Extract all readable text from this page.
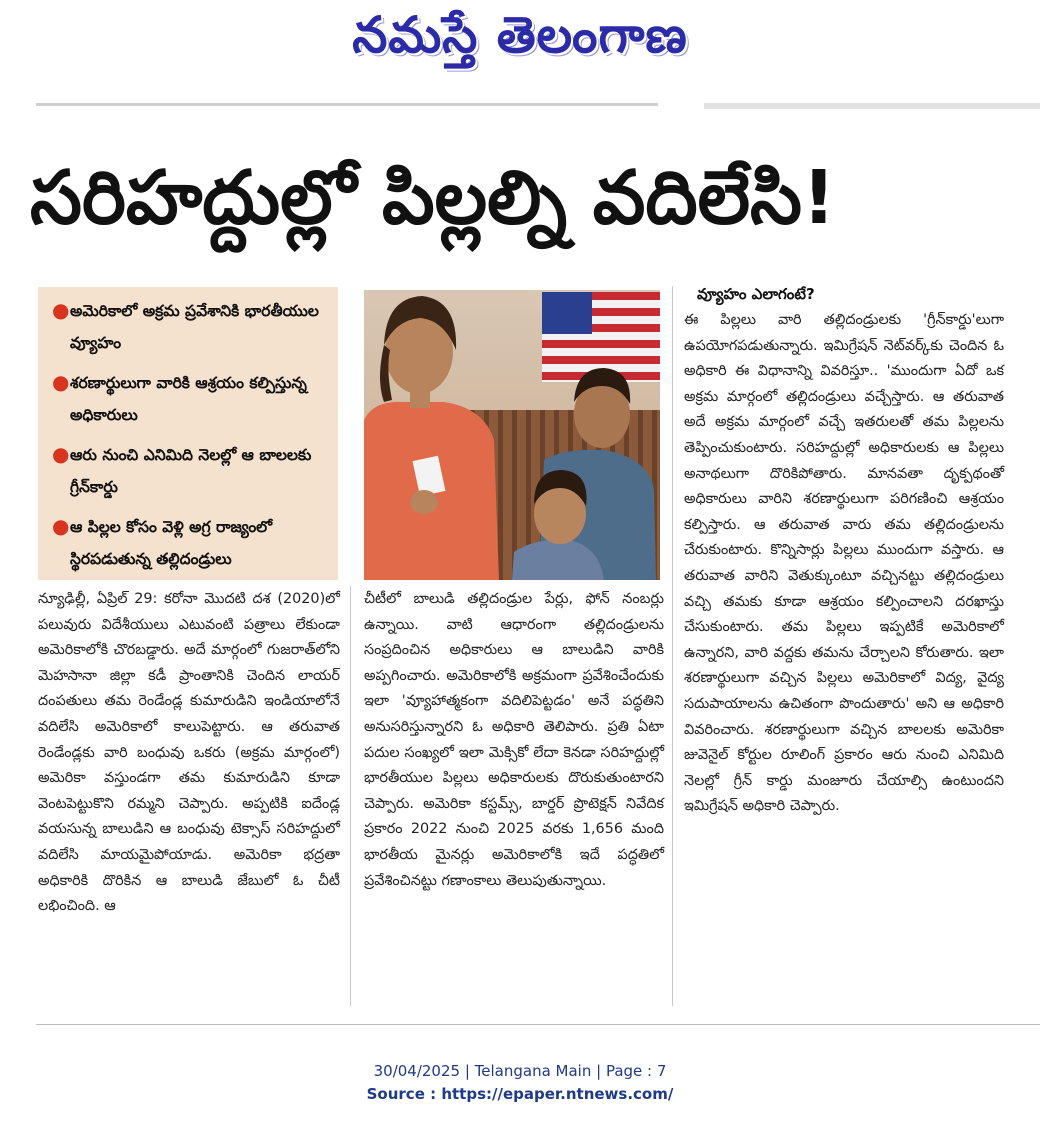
నమస్తే తెలంగాణ
సరిహద్దుల్లో పిల్లల్ని వదిలేసి!
● అమెరికాలో అక్రమ ప్రవేశానికి భారతీయుల వ్యూహం
● శరణార్థులుగా వారికి ఆశ్రయం కల్పిస్తున్న అధికారులు
● ఆరు నుంచి ఎనిమిది నెలల్లో ఆ బాలలకు గ్రీన్‌కార్డు
● ఆ పిల్లల కోసం వెళ్లి అగ్ర రాజ్యంలో స్థిరపడుతున్న తల్లిదండ్రులు
న్యూఢిల్లీ, ఏప్రిల్ 29: కరోనా మొదటి దశ (2020)లో పలువురు విదేశీయులు ఎటువంటి పత్రాలు లేకుండా అమెరికాలోకి చొరబడ్డారు. అదే మార్గంలో గుజరాత్‌లోని మెహసానా జిల్లా కడీ ప్రాంతానికి చెందిన లాయర్ దంపతులు తమ రెండేండ్ల కుమారుడిని ఇండియాలోనే వదిలేసి అమెరికాలో కాలుపెట్టారు. ఆ తరువాత రెండేండ్లకు వారి బంధువు ఒకరు (అక్రమ మార్గంలో) అమెరికా వస్తుండగా తమ కుమారుడిని కూడా వెంటపెట్టుకొని రమ్మని చెప్పారు. అప్పటికి ఐదేండ్ల వయసున్న బాలుడిని ఆ బంధువు టెక్సాస్ సరిహద్దులో వదిలేసి మాయమైపోయాడు. అమెరికా భద్రతా అధికారికి దొరికిన ఆ బాలుడి జేబులో ఓ చీటీ లభించింది. ఆ
చీటీలో బాలుడి తల్లిదండ్రుల పేర్లు, ఫోన్ నంబర్లు ఉన్నాయి. వాటి ఆధారంగా తల్లిదండ్రులను సంప్రదించిన అధికారులు ఆ బాలుడిని వారికి అప్పగించారు. అమెరికాలోకి అక్రమంగా ప్రవేశించేందుకు ఇలా 'వ్యూహాత్మకంగా వదిలిపెట్టడం' అనే పద్ధతిని అనుసరిస్తున్నారని ఓ అధికారి తెలిపారు. ప్రతి ఏటా పదుల సంఖ్యలో ఇలా మెక్సికో లేదా కెనడా సరిహద్దుల్లో భారతీయుల పిల్లలు అధికారులకు దొరుకుతుంటారని చెప్పారు. అమెరికా కస్టమ్స్, బార్డర్ ప్రొటెక్షన్ నివేదిక ప్రకారం 2022 నుంచి 2025 వరకు 1,656 మంది భారతీయ మైనర్లు అమెరికాలోకి ఇదే పద్ధతిలో ప్రవేశించినట్టు గణాంకాలు తెలుపుతున్నాయి.
వ్యూహం ఎలాగంటే?
ఈ పిల్లలు వారి తల్లిదండ్రులకు 'గ్రీన్‌కార్డు'లుగా ఉపయోగపడుతున్నారు. ఇమిగ్రేషన్ నెట్‌వర్క్‌కు చెందిన ఓ అధికారి ఈ విధానాన్ని వివరిస్తూ.. 'ముందుగా ఏదో ఒక అక్రమ మార్గంలో తల్లిదండ్రులు వచ్చేస్తారు. ఆ తరువాత అదే అక్రమ మార్గంలో వచ్చే ఇతరులతో తమ పిల్లలను తెప్పించుకుంటారు. సరిహద్దుల్లో అధికారులకు ఆ పిల్లలు అనాథలుగా దొరికిపోతారు. మానవతా దృక్పథంతో అధికారులు వారిని శరణార్థులుగా పరిగణించి ఆశ్రయం కల్పిస్తారు. ఆ తరువాత వారు తమ తల్లిదండ్రులను చేరుకుంటారు. కొన్నిసార్లు పిల్లలు ముందుగా వస్తారు. ఆ తరువాత వారిని వెతుక్కుంటూ వచ్చినట్టు తల్లిదండ్రులు వచ్చి తమకు కూడా ఆశ్రయం కల్పించాలని దరఖాస్తు చేసుకుంటారు. తమ పిల్లలు ఇప్పటికే అమెరికాలో ఉన్నారని, వారి వద్దకు తమను చేర్చాలని కోరుతారు. ఇలా శరణార్థులుగా వచ్చిన పిల్లలు అమెరికాలో విద్య, వైద్య సదుపాయాలను ఉచితంగా పొందుతారు' అని ఆ అధికారి వివరించారు. శరణార్థులుగా వచ్చిన బాలలకు అమెరికా జువెనైల్ కోర్టుల రూలింగ్ ప్రకారం ఆరు నుంచి ఎనిమిది నెలల్లో గ్రీన్ కార్డు మంజూరు చేయాల్సి ఉంటుందని ఇమిగ్రేషన్ అధికారి చెప్పారు.
30/04/2025 | Telangana Main | Page : 7
Source : https://epaper.ntnews.com/
